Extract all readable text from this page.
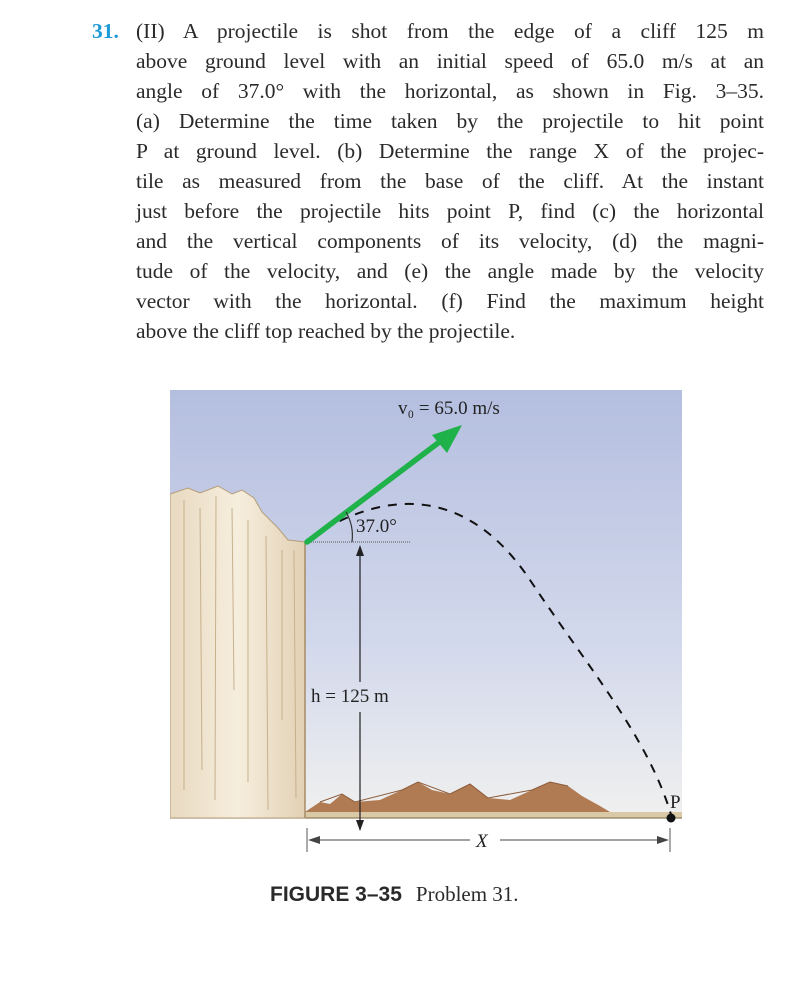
31. (II) A projectile is shot from the edge of a cliff 125 m
above ground level with an initial speed of 65.0 m/s at an
angle of 37.0° with the horizontal, as shown in Fig. 3–35.
(a) Determine the time taken by the projectile to hit point
P at ground level. (b) Determine the range X of the projec-
tile as measured from the base of the cliff. At the instant
just before the projectile hits point P, find (c) the horizontal
and the vertical components of its velocity, (d) the magni-
tude of the velocity, and (e) the angle made by the velocity
vector with the horizontal. (f) Find the maximum height
above the cliff top reached by the projectile.
v₀ = 65.0 m/s
37.0°
h = 125 m
X
P
FIGURE 3–35 Problem 31.
